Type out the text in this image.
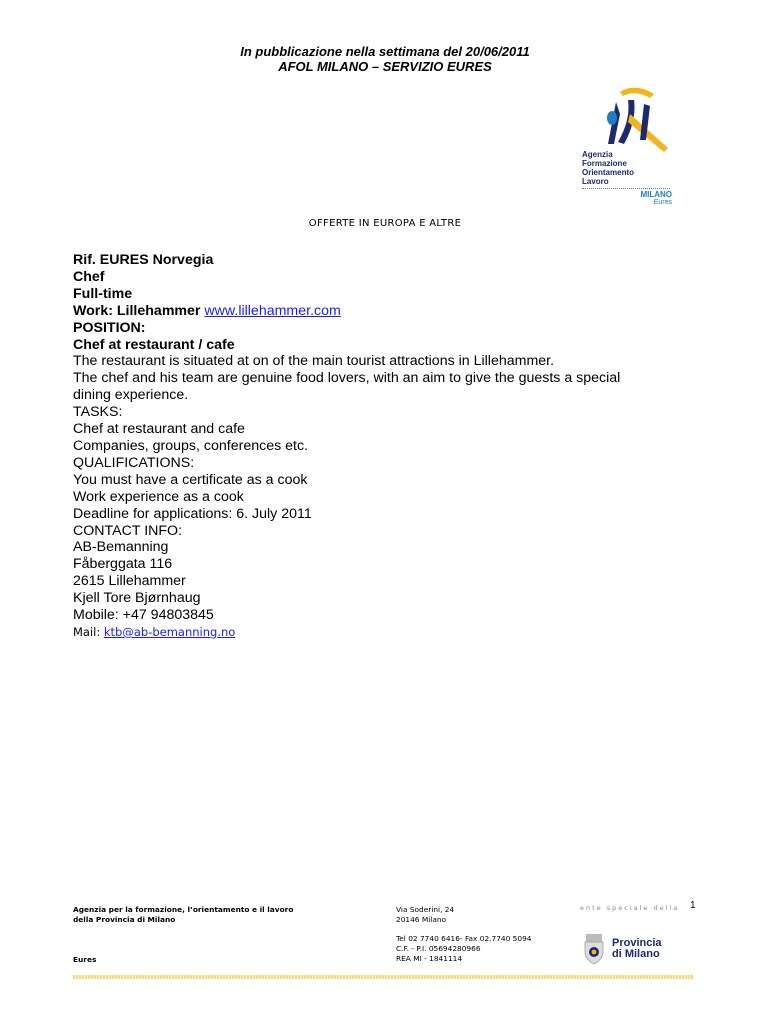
In pubblicazione nella settimana del 20/06/2011
AFOL MILANO – SERVIZIO EURES
Agenzia
Formazione
Orientamento
Lavoro
MILANO
Eures
OFFERTE IN EUROPA E ALTRE
Rif. EURES Norvegia
Chef
Full-time
Work: Lillehammer www.lillehammer.com
POSITION:
Chef at restaurant / cafe
The restaurant is situated at on of the main tourist attractions in Lillehammer.
The chef and his team are genuine food lovers, with an aim to give the guests a special
dining experience.
TASKS:
Chef at restaurant and cafe
Companies, groups, conferences etc.
QUALIFICATIONS:
You must have a certificate as a cook
Work experience as a cook
Deadline for applications: 6. July 2011
CONTACT INFO:
AB-Bemanning
Fåberggata 116
2615 Lillehammer
Kjell Tore Bjørnhaug
Mobile: +47 94803845
Mail: ktb@ab-bemanning.no
Agenzia per la formazione, l’orientamento e il lavoro
della Provincia di Milano
Eures
Via Soderini, 24
20146 Milano
Tel 02 7740 6416- Fax 02.7740 5094
C.F. - P.I. 05694280966
REA MI - 1841114
ente speciale della 1
Provincia
di Milano
